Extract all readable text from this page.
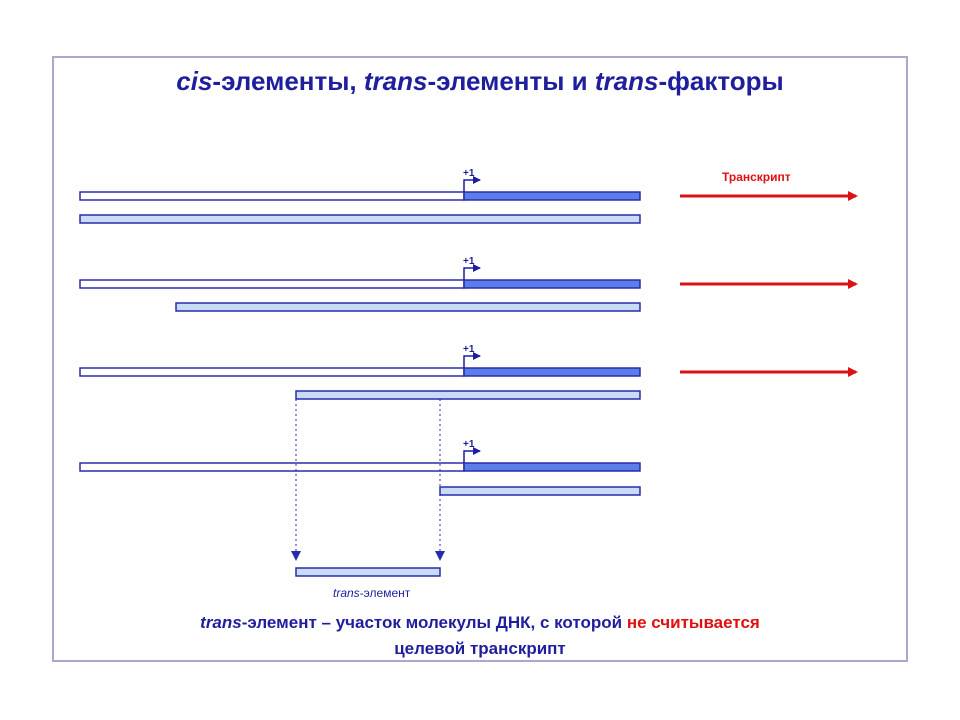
cis-элементы, trans-элементы и trans-факторы
+1	Транскрипт
+1
+1
+1
trans-элемент
trans-элемент – участок молекулы ДНК, с которой не считывается
целевой транскрипт
